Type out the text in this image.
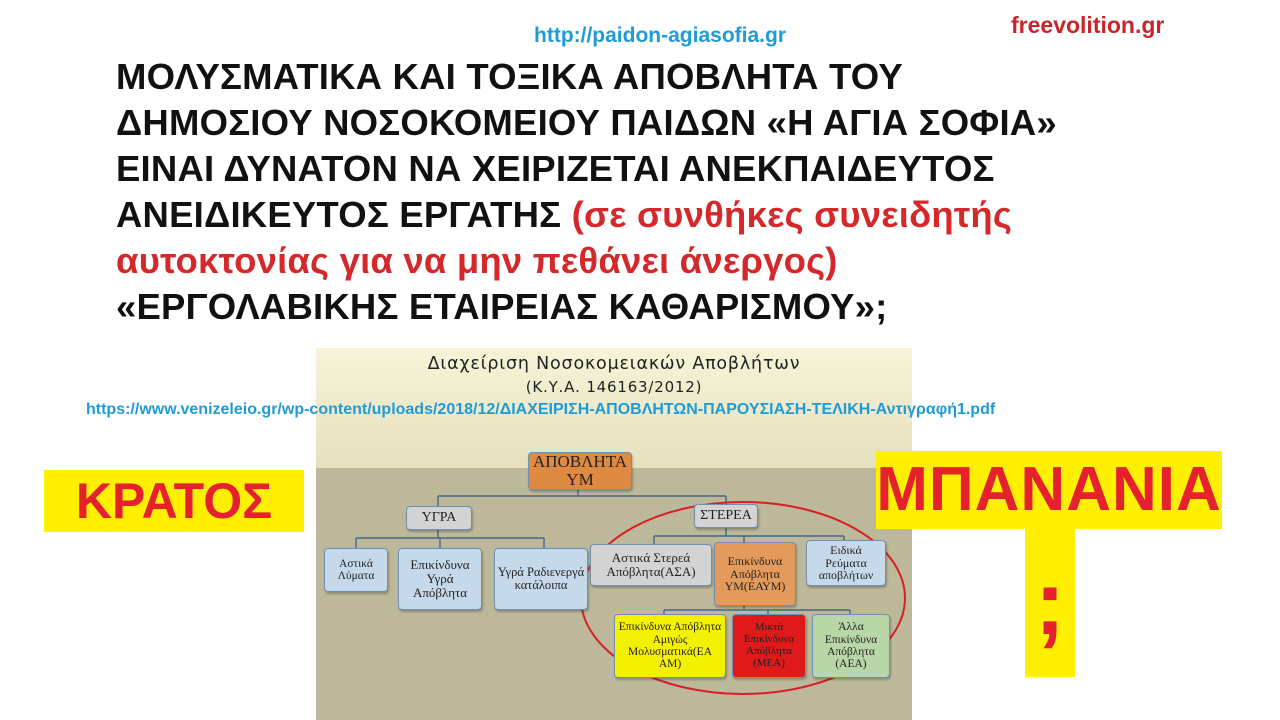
http://paidon-agiasofia.gr	freevolition.gr
ΜΟΛΥΣΜΑΤΙΚΑ ΚΑΙ ΤΟΞΙΚΑ ΑΠΟΒΛΗΤΑ ΤΟΥ
ΔΗΜΟΣΙΟΥ ΝΟΣΟΚΟΜΕΙΟΥ ΠΑΙΔΩΝ «Η ΑΓΙΑ ΣΟΦΙΑ»
ΕΙΝΑΙ ΔΥΝΑΤΟΝ ΝΑ ΧΕΙΡΙΖΕΤΑΙ ΑΝΕΚΠΑΙΔΕΥΤΟΣ
ΑΝΕΙΔΙΚΕΥΤΟΣ ΕΡΓΑΤΗΣ (σε συνθήκες συνειδητής
αυτοκτονίας για να μην πεθάνει άνεργος)
«ΕΡΓΟΛΑΒΙΚΗΣ ΕΤΑΙΡΕΙΑΣ ΚΑΘΑΡΙΣΜΟΥ»;
Διαχείριση Νοσοκομειακών Αποβλήτων
(Κ.Υ.Α. 146163/2012)
ΑΠΟΒΛΗΤΑ ΥΜ
ΥΓΡΑ	ΣΤΕΡΕΑ
Αστικά Λύματα
Επικίνδυνα Υγρά Απόβλητα
Υγρά Ραδιενεργά κατάλοιπα
Αστικά Στερεά Απόβλητα(ΑΣΑ)
Επικίνδυνα Απόβλητα ΥΜ(ΕΑΥΜ)
Ειδικά Ρεύματα αποβλήτων
Επικίνδυνα Απόβλητα Αμιγώς Μολυσματικά(ΕΑ ΑΜ)
Μικτά Επικίνδυνα Απόβλητα (ΜΕΑ)
Άλλα Επικίνδυνα Απόβλητα (ΑΕΑ)
https://www.venizeleio.gr/wp-content/uploads/2018/12/ΔΙΑΧΕΙΡΙΣΗ-ΑΠΟΒΛΗΤΩΝ-ΠΑΡΟΥΣΙΑΣΗ-ΤΕΛΙΚΗ-Αντιγραφή1.pdf
ΚΡΑΤΟΣ	ΜΠΑΝΑΝΙΑ
;
